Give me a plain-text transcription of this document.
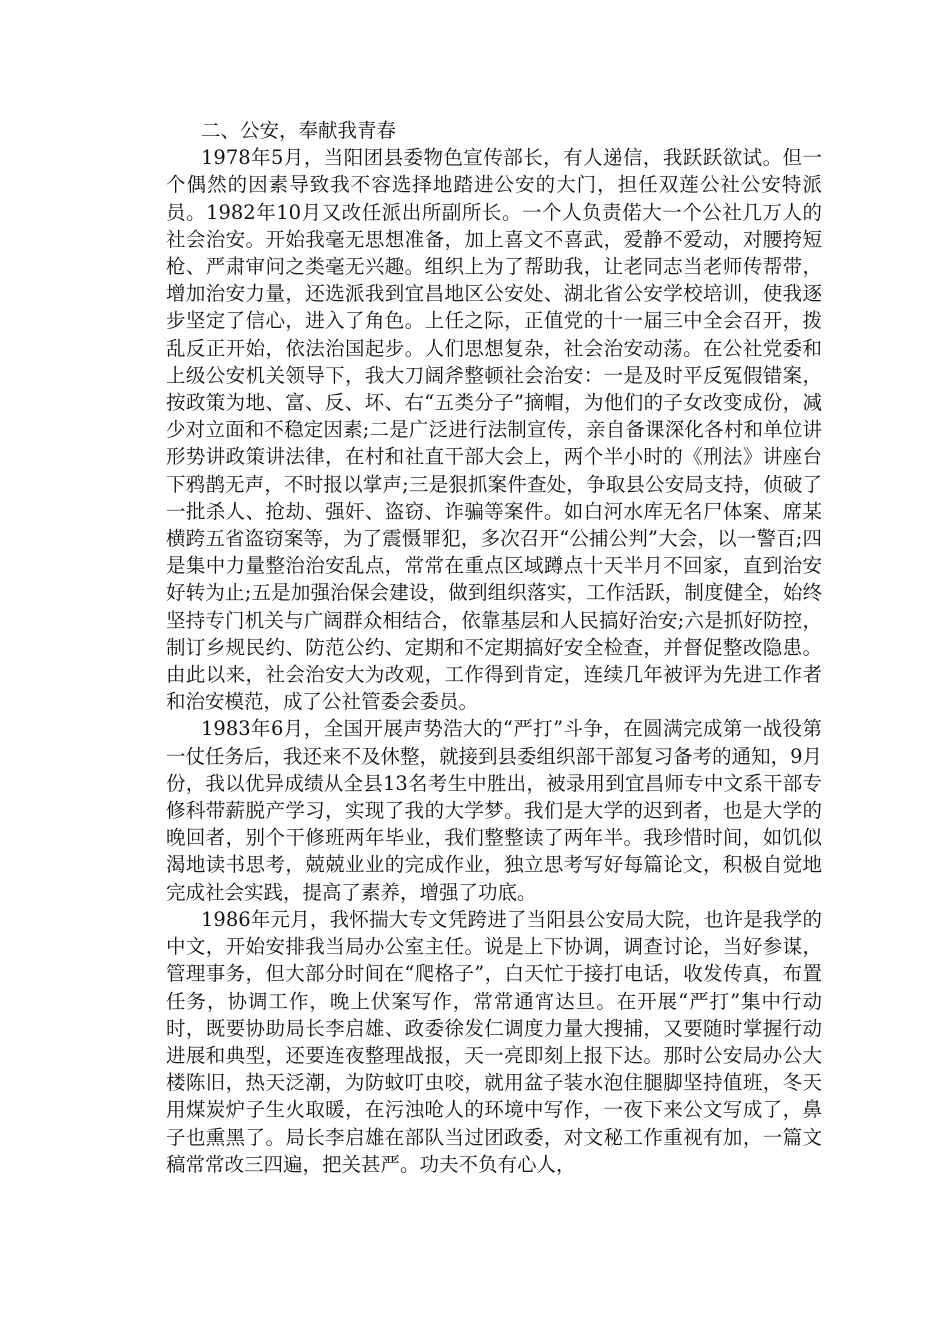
二、公安，奉献我青春

1978年5月，当阳团县委物色宣传部长，有人递信，我跃跃欲试。但一个偶然的因素导致我不容选择地踏进公安的大门，担任双莲公社公安特派员。1982年10月又改任派出所副所长。一个人负责偌大一个公社几万人的社会治安。开始我毫无思想准备，加上喜文不喜武，爱静不爱动，对腰挎短枪、严肃审问之类毫无兴趣。组织上为了帮助我，让老同志当老师传帮带，增加治安力量，还选派我到宜昌地区公安处、湖北省公安学校培训，使我逐步坚定了信心，进入了角色。上任之际，正值党的十一届三中全会召开，拨乱反正开始，依法治国起步。人们思想复杂，社会治安动荡。在公社党委和上级公安机关领导下，我大刀阔斧整顿社会治安：一是及时平反冤假错案，按政策为地、富、反、坏、右“五类分子”摘帽，为他们的子女改变成份，减少对立面和不稳定因素;二是广泛进行法制宣传，亲自备课深化各村和单位讲形势讲政策讲法律，在村和社直干部大会上，两个半小时的《刑法》讲座台下鸦鹊无声，不时报以掌声;三是狠抓案件查处，争取县公安局支持，侦破了一批杀人、抢劫、强奸、盗窃、诈骗等案件。如白河水库无名尸体案、席某横跨五省盗窃案等，为了震慑罪犯，多次召开“公捕公判”大会，以一警百;四是集中力量整治治安乱点，常常在重点区域蹲点十天半月不回家，直到治安好转为止;五是加强治保会建设，做到组织落实，工作活跃，制度健全，始终坚持专门机关与广阔群众相结合，依靠基层和人民搞好治安;六是抓好防控，制订乡规民约、防范公约、定期和不定期搞好安全检查，并督促整改隐患。由此以来，社会治安大为改观，工作得到肯定，连续几年被评为先进工作者和治安模范，成了公社管委会委员。

1983年6月，全国开展声势浩大的“严打”斗争，在圆满完成第一战役第一仗任务后，我还来不及休整，就接到县委组织部干部复习备考的通知，9月份，我以优异成绩从全县13名考生中胜出，被录用到宜昌师专中文系干部专修科带薪脱产学习，实现了我的大学梦。我们是大学的迟到者，也是大学的晚回者，别个干修班两年毕业，我们整整读了两年半。我珍惜时间，如饥似渴地读书思考，兢兢业业的完成作业，独立思考写好每篇论文，积极自觉地完成社会实践，提高了素养，增强了功底。

1986年元月，我怀揣大专文凭跨进了当阳县公安局大院，也许是我学的中文，开始安排我当局办公室主任。说是上下协调，调查讨论，当好参谋，管理事务，但大部分时间在“爬格子”，白天忙于接打电话，收发传真，布置任务，协调工作，晚上伏案写作，常常通宵达旦。在开展“严打”集中行动时，既要协助局长李启雄、政委徐发仁调度力量大搜捕，又要随时掌握行动进展和典型，还要连夜整理战报，天一亮即刻上报下达。那时公安局办公大楼陈旧，热天泛潮，为防蚊叮虫咬，就用盆子装水泡住腿脚坚持值班，冬天用煤炭炉子生火取暖，在污浊呛人的环境中写作，一夜下来公文写成了，鼻子也熏黑了。局长李启雄在部队当过团政委，对文秘工作重视有加，一篇文稿常常改三四遍，把关甚严。功夫不负有心人，
